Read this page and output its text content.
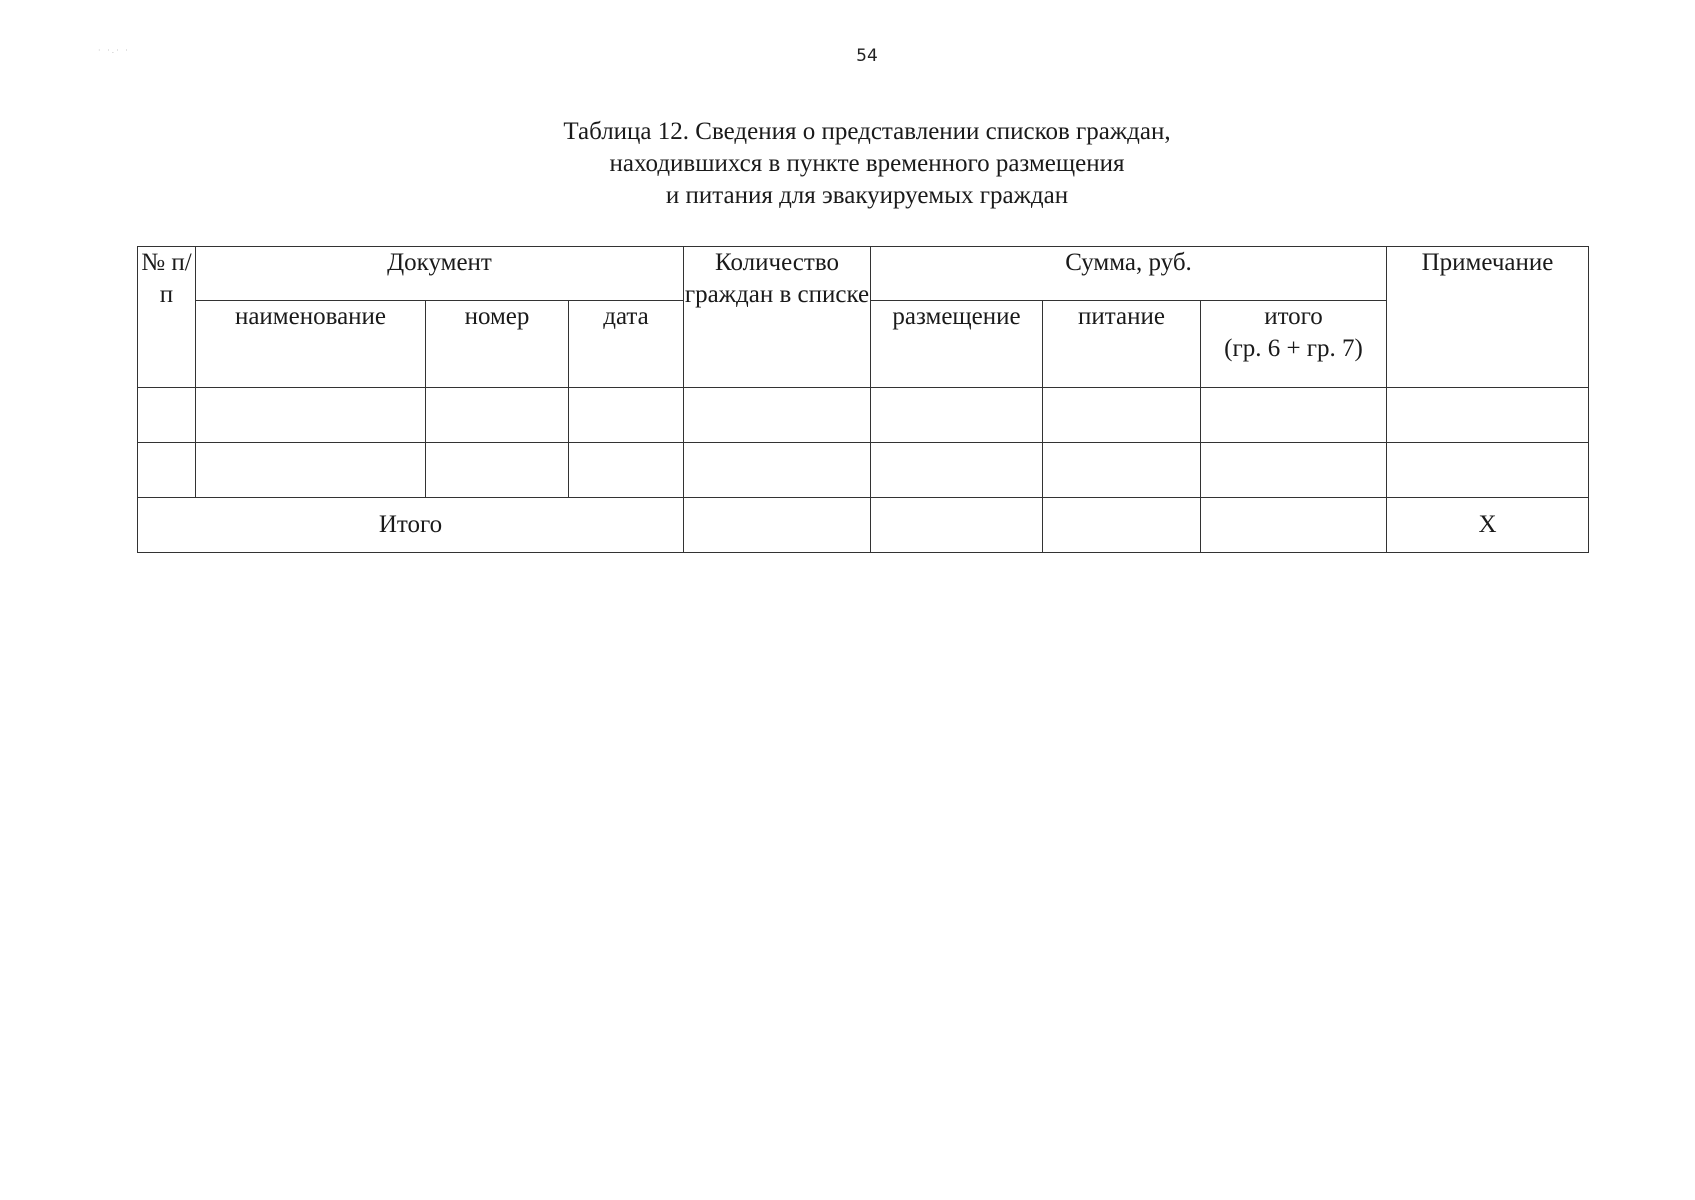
· ·.· ·	54
Таблица 12. Сведения о представлении списков граждан,
находившихся в пункте временного размещения
и питания для эвакуируемых граждан
№ п/п	Документ			Количество граждан в списке	Сумма, руб.			Примечание
	наименование	номер	дата		размещение	питание	итого
(гр. 6 + гр. 7)	

Итого								X
